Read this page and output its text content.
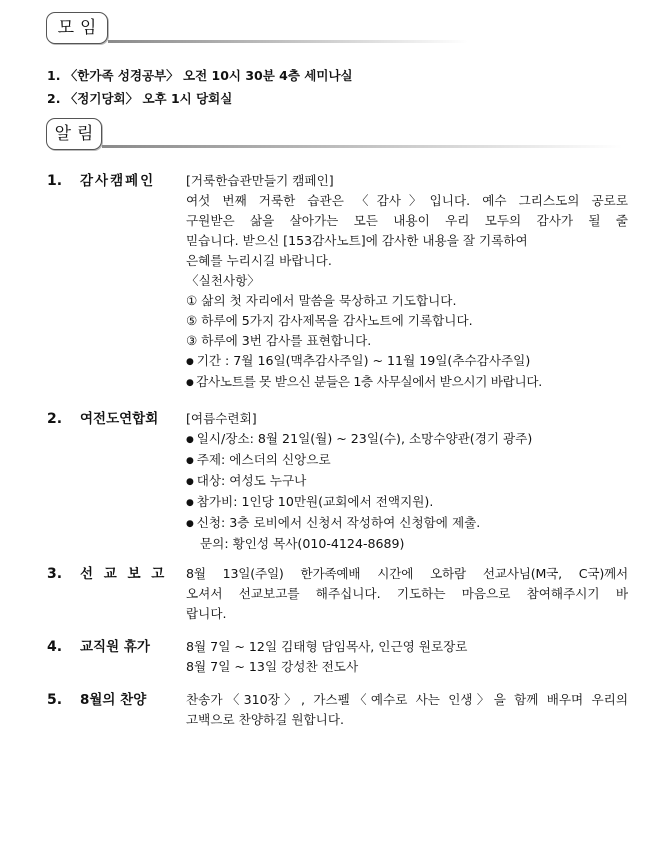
모임
1. 〈한가족 성경공부〉 오전 10시 30분 4층 세미나실
2. 〈정기당회〉 오후 1시 당회실
알림
1. 감사캠페인 [거룩한습관만들기 캠페인]
여섯 번째 거룩한 습관은 〈감사〉입니다. 예수 그리스도의 공로로
구원받은 삶을 살아가는 모든 내용이 우리 모두의 감사가 될 줄
믿습니다. 받으신 [153감사노트]에 감사한 내용을 잘 기록하여
은혜를 누리시길 바랍니다.
〈실천사항〉
① 삶의 첫 자리에서 말씀을 묵상하고 기도합니다.
⑤ 하루에 5가지 감사제목을 감사노트에 기록합니다.
③ 하루에 3번 감사를 표현합니다.
● 기간 : 7월 16일(맥추감사주일) ~ 11월 19일(추수감사주일)
● 감사노트를 못 받으신 분들은 1층 사무실에서 받으시기 바랍니다.
2. 여전도연합회 [여름수련회]
● 일시/장소: 8월 21일(월) ~ 23일(수), 소망수양관(경기 광주)
● 주제: 에스더의 신앙으로
● 대상: 여성도 누구나
● 참가비: 1인당 10만원(교회에서 전액지원).
● 신청: 3층 로비에서 신청서 작성하여 신청함에 제출.
문의: 황인성 목사(010-4124-8689)
3. 선 교 보 고 8월 13일(주일) 한가족예배 시간에 오하람 선교사님(M국, C국)께서
오셔서 선교보고를 해주십니다. 기도하는 마음으로 참여해주시기 바
랍니다.
4. 교직원 휴가	8월 7일 ~ 12일 김태형 담임목사, 인근영 원로장로
8월 7일 ~ 13일 강성찬 전도사
5. 8월의 찬양	찬송가〈310장〉, 가스펠〈예수로 사는 인생〉을 함께 배우며 우리의
고백으로 찬양하길 원합니다.
